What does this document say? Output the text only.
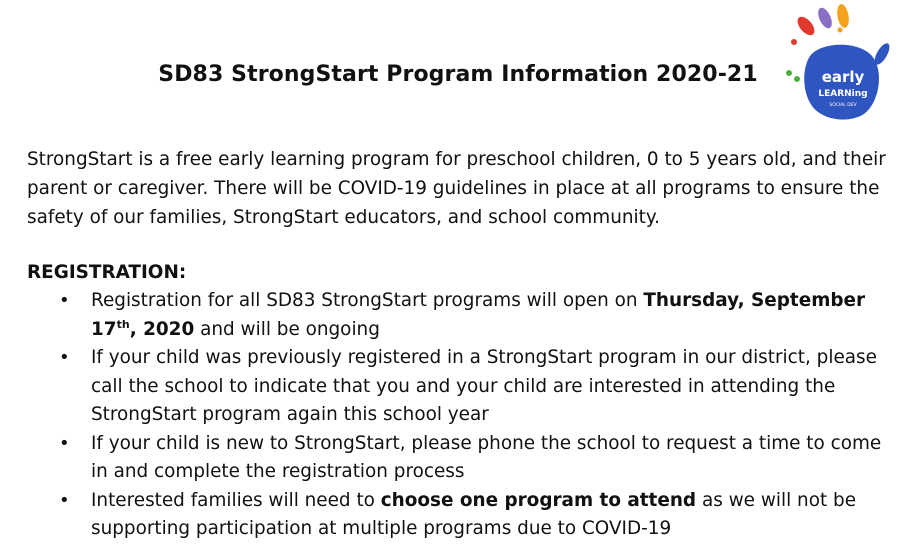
early
LEARNing
SOCIAL DEV
SD83 StrongStart Program Information 2020-21

StrongStart is a free early learning program for preschool children, 0 to 5 years old, and their parent or caregiver. There will be COVID-19 guidelines in place at all programs to ensure the safety of our families, StrongStart educators, and school community.

REGISTRATION:

• Registration for all SD83 StrongStart programs will open on Thursday, September 17th, 2020 and will be ongoing
• If your child was previously registered in a StrongStart program in our district, please call the school to indicate that you and your child are interested in attending the StrongStart program again this school year
• If your child is new to StrongStart, please phone the school to request a time to come in and complete the registration process
• Interested families will need to choose one program to attend as we will not be supporting participation at multiple programs due to COVID-19
